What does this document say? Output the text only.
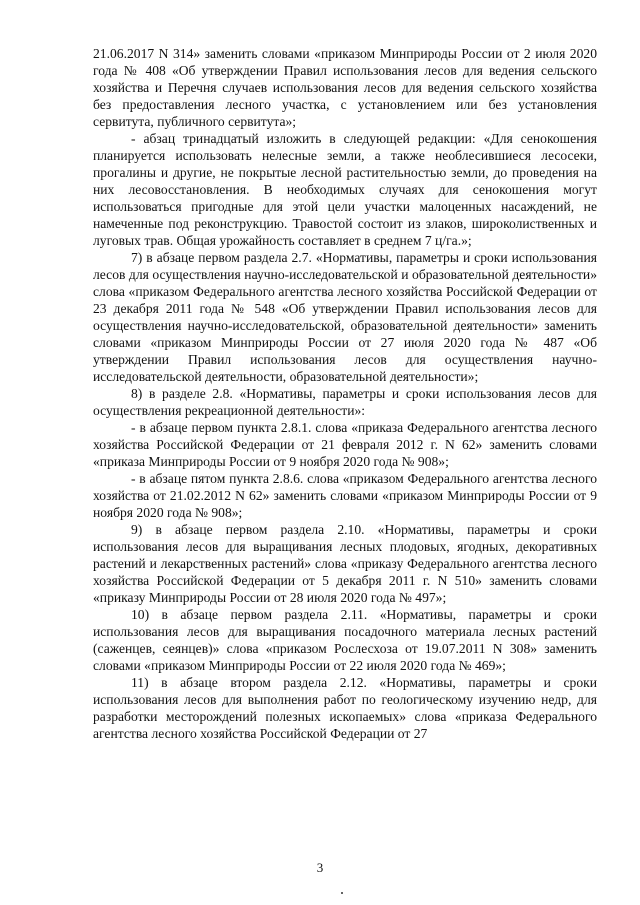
21.06.2017 N 314» заменить словами «приказом Минприроды России от 2 июля 2020 года № 408 «Об утверждении Правил использования лесов для ведения сельского хозяйства и Перечня случаев использования лесов для ведения сельского хозяйства без предоставления лесного участка, с установлением или без установления сервитута, публичного сервитута»;

- абзац тринадцатый изложить в следующей редакции: «Для сенокошения планируется использовать нелесные земли, а также необлесившиеся лесосеки, прогалины и другие, не покрытые лесной растительностью земли, до проведения на них лесовосстановления. В необходимых случаях для сенокошения могут использоваться пригодные для этой цели участки малоценных насаждений, не намеченные под реконструкцию. Травостой состоит из злаков, широколиственных и луговых трав. Общая урожайность составляет в среднем 7 ц/га.»;

7) в абзаце первом раздела 2.7. «Нормативы, параметры и сроки использования лесов для осуществления научно-исследовательской и образовательной деятельности» слова «приказом Федерального агентства лесного хозяйства Российской Федерации от 23 декабря 2011 года № 548 «Об утверждении Правил использования лесов для осуществления научно-исследовательской, образовательной деятельности» заменить словами «приказом Минприроды России от 27 июля 2020 года № 487 «Об утверждении Правил использования лесов для осуществления научно-исследовательской деятельности, образовательной деятельности»;

8) в разделе 2.8. «Нормативы, параметры и сроки использования лесов для осуществления рекреационной деятельности»:

- в абзаце первом пункта 2.8.1. слова «приказа Федерального агентства лесного хозяйства Российской Федерации от 21 февраля 2012 г. N 62» заменить словами «приказа Минприроды России от 9 ноября 2020 года № 908»;

- в абзаце пятом пункта 2.8.6. слова «приказом Федерального агентства лесного хозяйства от 21.02.2012 N 62» заменить словами «приказом Минприроды России от 9 ноября 2020 года № 908»;

9) в абзаце первом раздела 2.10. «Нормативы, параметры и сроки использования лесов для выращивания лесных плодовых, ягодных, декоративных растений и лекарственных растений» слова «приказу Федерального агентства лесного хозяйства Российской Федерации от 5 декабря 2011 г. N 510» заменить словами «приказу Минприроды России от 28 июля 2020 года № 497»;

10) в абзаце первом раздела 2.11. «Нормативы, параметры и сроки использования лесов для выращивания посадочного материала лесных растений (саженцев, сеянцев)» слова «приказом Рослесхоза от 19.07.2011 N 308» заменить словами «приказом Минприроды России от 22 июля 2020 года № 469»;

11) в абзаце втором раздела 2.12. «Нормативы, параметры и сроки использования лесов для выполнения работ по геологическому изучению недр, для разработки месторождений полезных ископаемых» слова «приказа Федерального агентства лесного хозяйства Российской Федерации от 27

3
